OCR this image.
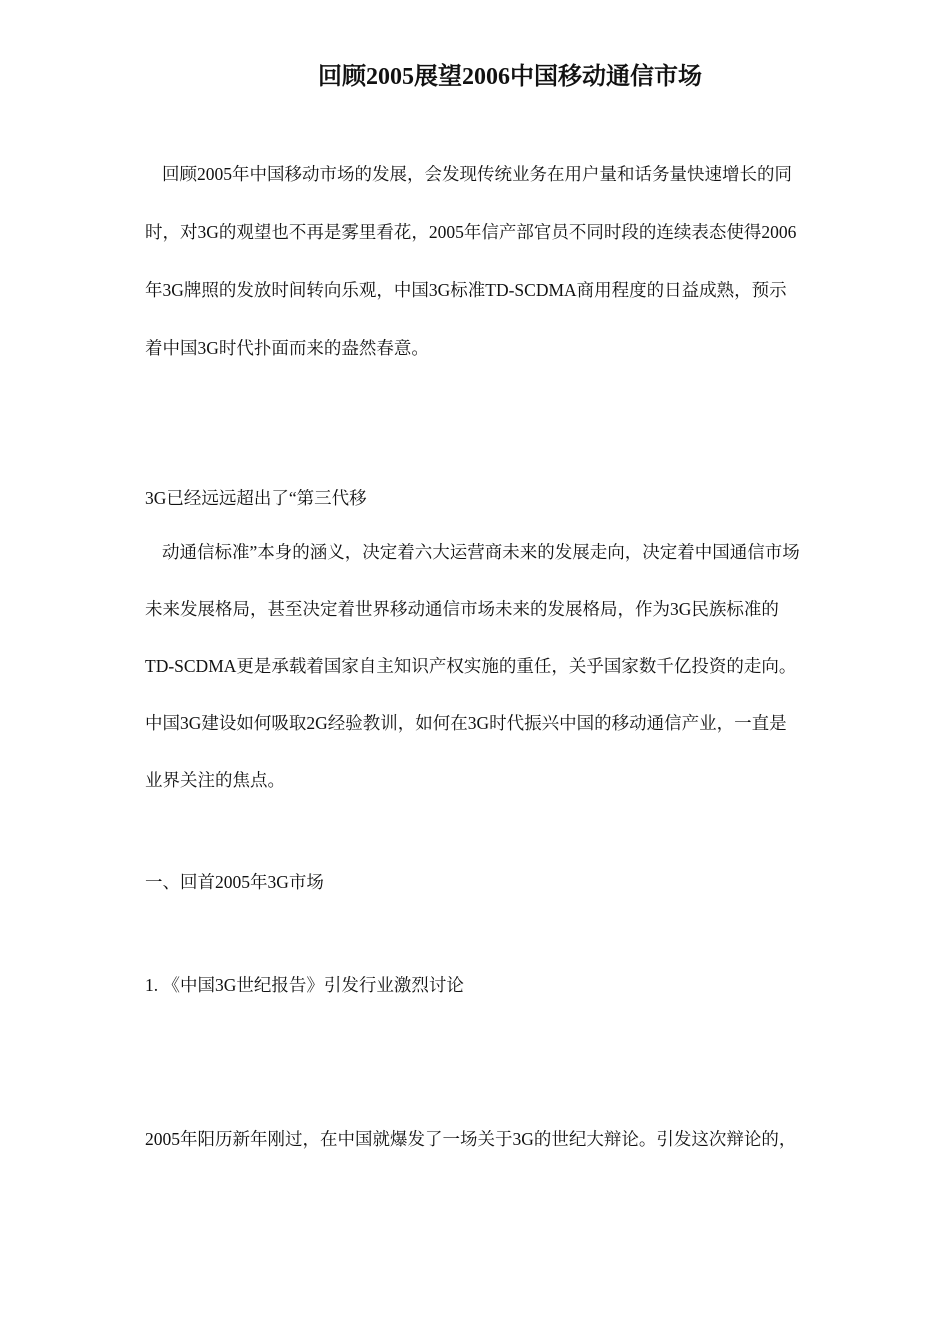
回顾2005展望2006中国移动通信市场
回顾2005年中国移动市场的发展，会发现传统业务在用户量和话务量快速增长的同
时，对3G的观望也不再是雾里看花，2005年信产部官员不同时段的连续表态使得2006
年3G牌照的发放时间转向乐观，中国3G标准TD-SCDMA商用程度的日益成熟，预示
着中国3G时代扑面而来的盎然春意。
3G已经远远超出了“第三代移
动通信标准”本身的涵义，决定着六大运营商未来的发展走向，决定着中国通信市场
未来发展格局，甚至决定着世界移动通信市场未来的发展格局，作为3G民族标准的
TD-SCDMA更是承载着国家自主知识产权实施的重任，关乎国家数千亿投资的走向。
中国3G建设如何吸取2G经验教训，如何在3G时代振兴中国的移动通信产业，一直是
业界关注的焦点。
一、回首2005年3G市场
1. 《中国3G世纪报告》引发行业激烈讨论
2005年阳历新年刚过，在中国就爆发了一场关于3G的世纪大辩论。引发这次辩论的，
